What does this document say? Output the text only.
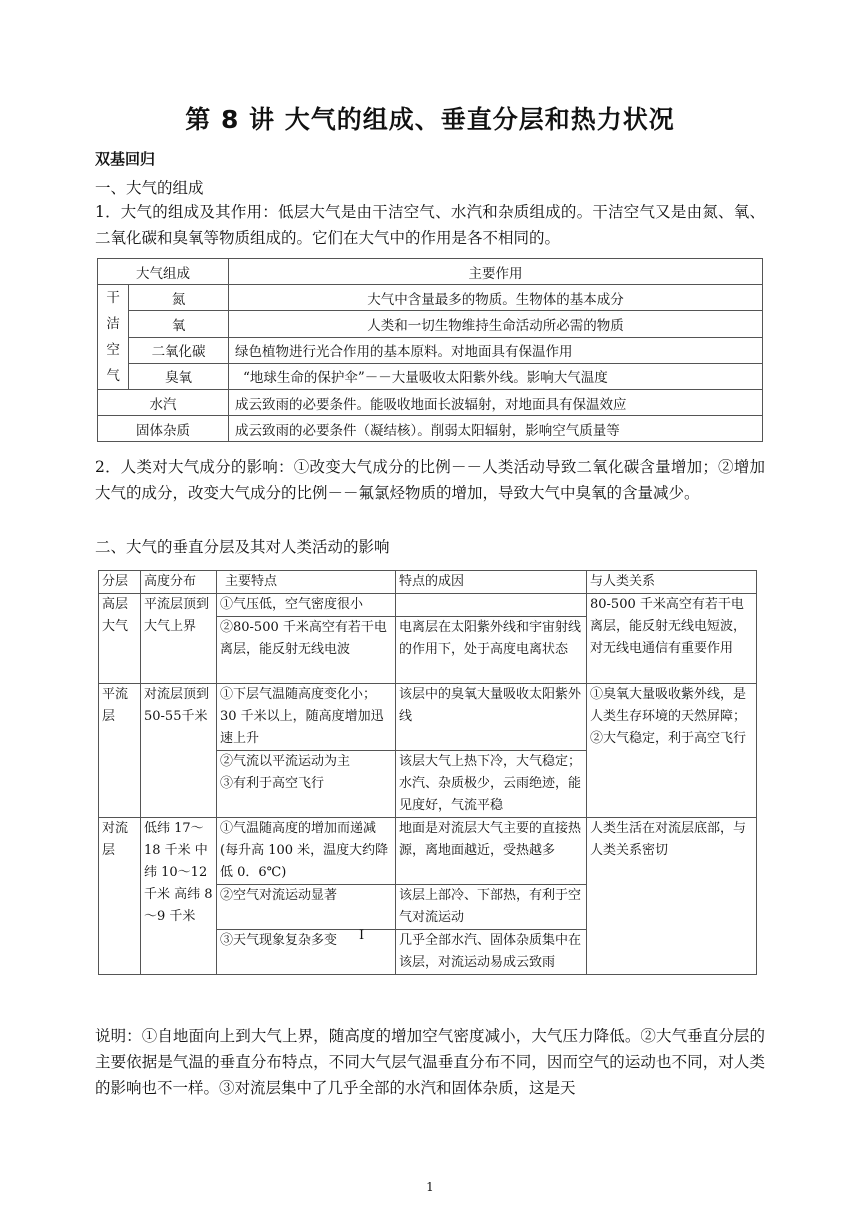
第 8 讲 大气的组成、垂直分层和热力状况
双基回归
一、大气的组成

1．大气的组成及其作用：低层大气是由干洁空气、水汽和杂质组成的。干洁空气又是由氮、氧、二氧化碳和臭氧等物质组成的。它们在大气中的作用是各不相同的。

大气组成		主要作用

干
洁
空
气	氮	大气中含量最多的物质。生物体的基本成分
	氧	人类和一切生物维持生命活动所必需的物质
	二氧化碳	绿色植物进行光合作用的基本原料。对地面具有保温作用
	臭氧	“地球生命的保护伞”－－大量吸收太阳紫外线。影响大气温度
水汽		成云致雨的必要条件。能吸收地面长波辐射，对地面具有保温效应
固体杂质		成云致雨的必要条件（凝结核）。削弱太阳辐射，影响空气质量等

2．人类对大气成分的影响：①改变大气成分的比例－－人类活动导致二氧化碳含量增加；②增加大气的成分，改变大气成分的比例－－氟氯烃物质的增加，导致大气中臭氧的含量减少。

二、大气的垂直分层及其对人类活动的影响
分层	高度分布	主要特点	特点的成因	与人类关系
高层大气	平流层顶到大气上界	①气压低，空气密度很小		80-500 千米高空有若干电离层，能反射无线电短波，对无线电通信有重要作用
		②80-500 千米高空有若干电离层，能反射无线电波	电离层在太阳紫外线和宇宙射线的作用下，处于高度电离状态	
平流层	对流层顶到50-55千米	①下层气温随高度变化小；30 千米以上，随高度增加迅速上升	该层中的臭氧大量吸收太阳紫外线	①臭氧大量吸收紫外线，是人类生存环境的天然屏障；②大气稳定，利于高空飞行

		②气流以平流运动为主
③有利于高空飞行	该层大气上热下冷，大气稳定；水汽、杂质极少，云雨绝迹，能见度好，气流平稳	
对流层	低纬 17～18 千米 中纬 10～12 千米 高纬 8～9 千米	①气温随高度的增加而递减(每升高 100 米，温度大约降低 0．6℃)	地面是对流层大气主要的直接热源，离地面越近，受热越多	人类生活在对流层底部，与人类关系密切
		②空气对流运动显著	该层上部冷、下部热，有利于空气对流运动	
		③天气现象复杂多变	几乎全部水汽、固体杂质集中在该层，对流运动易成云致雨	
I

说明：①自地面向上到大气上界，随高度的增加空气密度减小，大气压力降低。②大气垂直分层的主要依据是气温的垂直分布特点，不同大气层气温垂直分布不同，因而空气的运动也不同，对人类的影响也不一样。③对流层集中了几乎全部的水汽和固体杂质，这是天

1
